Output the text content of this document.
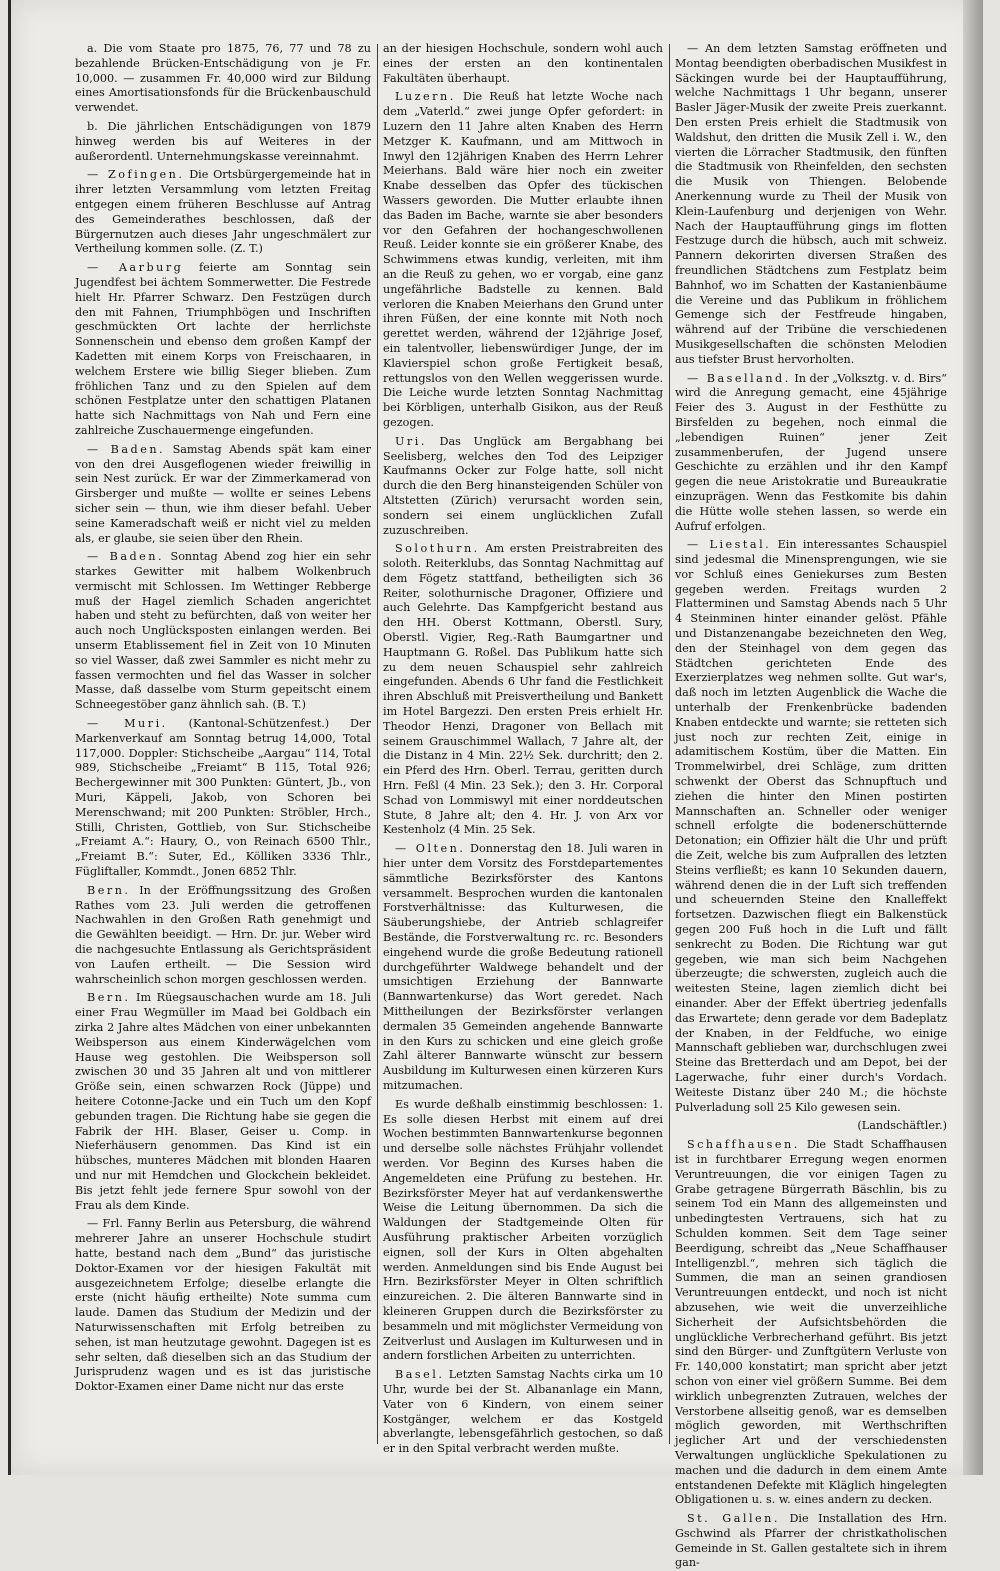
a. Die vom Staate pro 1875, 76, 77 und 78 zu bezahlende Brücken-Entschädigung von je Fr. 10,000. — zusammen Fr. 40,000 wird zur Bildung eines Amortisationsfonds für die Brückenbauschuld verwendet.

b. Die jährlichen Entschädigungen von 1879 hinweg werden bis auf Weiteres in der außerordentl. Unternehmungskasse vereinnahmt.

— Zofingen. Die Ortsbürgergemeinde hat in ihrer letzten Versammlung vom letzten Freitag entgegen einem früheren Beschlusse auf Antrag des Gemeinderathes beschlossen, daß der Bürgernutzen auch dieses Jahr ungeschmälert zur Vertheilung kommen solle. (Z. T.)

— Aarburg feierte am Sonntag sein Jugendfest bei ächtem Sommerwetter. Die Festrede hielt Hr. Pfarrer Schwarz. Den Festzügen durch den mit Fahnen, Triumphbögen und Inschriften geschmückten Ort lachte der herrlichste Sonnenschein und ebenso dem großen Kampf der Kadetten mit einem Korps von Freischaaren, in welchem Erstere wie billig Sieger blieben. Zum fröhlichen Tanz und zu den Spielen auf dem schönen Festplatze unter den schattigen Platanen hatte sich Nachmittags von Nah und Fern eine zahlreiche Zuschauermenge eingefunden.

— Baden. Samstag Abends spät kam einer von den drei Ausgeflogenen wieder freiwillig in sein Nest zurück. Er war der Zimmerkamerad von Girsberger und mußte — wollte er seines Lebens sicher sein — thun, wie ihm dieser befahl. Ueber seine Kameradschaft weiß er nicht viel zu melden als, er glaube, sie seien über den Rhein.

— Baden. Sonntag Abend zog hier ein sehr starkes Gewitter mit halbem Wolkenbruch vermischt mit Schlossen. Im Wettinger Rebberge muß der Hagel ziemlich Schaden angerichtet haben und steht zu befürchten, daß von weiter her auch noch Unglücksposten einlangen werden. Bei unserm Etablissement fiel in Zeit von 10 Minuten so viel Wasser, daß zwei Sammler es nicht mehr zu fassen vermochten und fiel das Wasser in solcher Masse, daß dasselbe vom Sturm gepeitscht einem Schneegestöber ganz ähnlich sah. (B. T.)

— Muri. (Kantonal-Schützenfest.) Der Markenverkauf am Sonntag betrug 14,000, Total 117,000. Doppler: Stichscheibe „Aargau“ 114, Total 989, Stichscheibe „Freiamt“ B 115, Total 926; Bechergewinner mit 300 Punkten: Güntert, Jb., von Muri, Käppeli, Jakob, von Schoren bei Merenschwand; mit 200 Punkten: Ströbler, Hrch., Stilli, Christen, Gottlieb, von Sur. Stichscheibe „Freiamt A.“: Haury, O., von Reinach 6500 Thlr., „Freiamt B.“: Suter, Ed., Kölliken 3336 Thlr., Fügliftaller, Kommdt., Jonen 6852 Thlr.

Bern. In der Eröffnungssitzung des Großen Rathes vom 23. Juli werden die getroffenen Nachwahlen in den Großen Rath genehmigt und die Gewählten beeidigt. — Hrn. Dr. jur. Weber wird die nachgesuchte Entlassung als Gerichtspräsident von Laufen ertheilt. — Die Session wird wahrscheinlich schon morgen geschlossen werden.

Bern. Im Rüegsauschachen wurde am 18. Juli einer Frau Wegmüller im Maad bei Goldbach ein zirka 2 Jahre altes Mädchen von einer unbekannten Weibsperson aus einem Kinderwägelchen vom Hause weg gestohlen. Die Weibsperson soll zwischen 30 und 35 Jahren alt und von mittlerer Größe sein, einen schwarzen Rock (Jüppe) und heitere Cotonne-Jacke und ein Tuch um den Kopf gebunden tragen. Die Richtung habe sie gegen die Fabrik der HH. Blaser, Geiser u. Comp. in Nieferhäusern genommen. Das Kind ist ein hübsches, munteres Mädchen mit blonden Haaren und nur mit Hemdchen und Glockchein bekleidet. Bis jetzt fehlt jede fernere Spur sowohl von der Frau als dem Kinde.

— Frl. Fanny Berlin aus Petersburg, die während mehrerer Jahre an unserer Hochschule studirt hatte, bestand nach dem „Bund“ das juristische Doktor-Examen vor der hiesigen Fakultät mit ausgezeichnetem Erfolge; dieselbe erlangte die erste (nicht häufig ertheilte) Note summa cum laude. Damen das Studium der Medizin und der Naturwissenschaften mit Erfolg betreiben zu sehen, ist man heutzutage gewohnt. Dagegen ist es sehr selten, daß dieselben sich an das Studium der Jurisprudenz wagen und es ist das juristische Doktor-Examen einer Dame nicht nur das erste

an der hiesigen Hochschule, sondern wohl auch eines der ersten an den kontinentalen Fakultäten überhaupt.

Luzern. Die Reuß hat letzte Woche nach dem „Vaterld.“ zwei junge Opfer gefordert: in Luzern den 11 Jahre alten Knaben des Herrn Metzger K. Kaufmann, und am Mittwoch in Inwyl den 12jährigen Knaben des Herrn Lehrer Meierhans. Bald wäre hier noch ein zweiter Knabe desselben das Opfer des tückischen Wassers geworden. Die Mutter erlaubte ihnen das Baden im Bache, warnte sie aber besonders vor den Gefahren der hochangeschwollenen Reuß. Leider konnte sie ein größerer Knabe, des Schwimmens etwas kundig, verleiten, mit ihm an die Reuß zu gehen, wo er vorgab, eine ganz ungefährliche Badstelle zu kennen. Bald verloren die Knaben Meierhans den Grund unter ihren Füßen, der eine konnte mit Noth noch gerettet werden, während der 12jährige Josef, ein talentvoller, liebenswürdiger Junge, der im Klavierspiel schon große Fertigkeit besaß, rettungslos von den Wellen weggerissen wurde. Die Leiche wurde letzten Sonntag Nachmittag bei Körbligen, unterhalb Gisikon, aus der Reuß gezogen.

Uri. Das Unglück am Bergabhang bei Seelisberg, welches den Tod des Leipziger Kaufmanns Ocker zur Folge hatte, soll nicht durch die den Berg hinansteigenden Schüler von Altstetten (Zürich) verursacht worden sein, sondern sei einem unglücklichen Zufall zuzuschreiben.

Solothurn. Am ersten Preistrabreiten des soloth. Reiterklubs, das Sonntag Nachmittag auf dem Fögetz stattfand, betheiligten sich 36 Reiter, solothurnische Dragoner, Offiziere und auch Gelehrte. Das Kampfgericht bestand aus den HH. Oberst Kottmann, Oberstl. Sury, Oberstl. Vigier, Reg.-Rath Baumgartner und Hauptmann G. Roßel. Das Publikum hatte sich zu dem neuen Schauspiel sehr zahlreich eingefunden. Abends 6 Uhr fand die Festlichkeit ihren Abschluß mit Preisvertheilung und Bankett im Hotel Bargezzi. Den ersten Preis erhielt Hr. Theodor Henzi, Dragoner von Bellach mit seinem Grauschimmel Wallach, 7 Jahre alt, der die Distanz in 4 Min. 22½ Sek. durchritt; den 2. ein Pferd des Hrn. Oberl. Terrau, geritten durch Hrn. Feßl (4 Min. 23 Sek.); den 3. Hr. Corporal Schad von Lommiswyl mit einer norddeutschen Stute, 8 Jahre alt; den 4. Hr. J. von Arx vor Kestenholz (4 Min. 25 Sek.

— Olten. Donnerstag den 18. Juli waren in hier unter dem Vorsitz des Forstdepartementes sämmtliche Bezirksförster des Kantons versammelt. Besprochen wurden die kantonalen Forstverhältnisse: das Kulturwesen, die Säuberungshiebe, der Antrieb schlagreifer Bestände, die Forstverwaltung rc. rc. Besonders eingehend wurde die große Bedeutung rationell durchgeführter Waldwege behandelt und der umsichtigen Erziehung der Bannwarte (Bannwartenkurse) das Wort geredet. Nach Mittheilungen der Bezirksförster verlangen dermalen 35 Gemeinden angehende Bannwarte in den Kurs zu schicken und eine gleich große Zahl älterer Bannwarte wünscht zur bessern Ausbildung im Kulturwesen einen kürzeren Kurs mitzumachen.

Es wurde deßhalb einstimmig beschlossen: 1. Es solle diesen Herbst mit einem auf drei Wochen bestimmten Bannwartenkurse begonnen und derselbe solle nächstes Frühjahr vollendet werden. Vor Beginn des Kurses haben die Angemeldeten eine Prüfung zu bestehen. Hr. Bezirksförster Meyer hat auf verdankenswerthe Weise die Leitung übernommen. Da sich die Waldungen der Stadtgemeinde Olten für Ausführung praktischer Arbeiten vorzüglich eignen, soll der Kurs in Olten abgehalten werden. Anmeldungen sind bis Ende August bei Hrn. Bezirksförster Meyer in Olten schriftlich einzureichen. 2. Die älteren Bannwarte sind in kleineren Gruppen durch die Bezirksförster zu besammeln und mit möglichster Vermeidung von Zeitverlust und Auslagen im Kulturwesen und in andern forstlichen Arbeiten zu unterrichten.

Basel. Letzten Samstag Nachts cirka um 10 Uhr, wurde bei der St. Albananlage ein Mann, Vater von 6 Kindern, von einem seiner Kostgänger, welchem er das Kostgeld abverlangte, lebensgefährlich gestochen, so daß er in den Spital verbracht werden mußte.

— An dem letzten Samstag eröffneten und Montag beendigten oberbadischen Musikfest in Säckingen wurde bei der Hauptaufführung, welche Nachmittags 1 Uhr begann, unserer Basler Jäger-Musik der zweite Preis zuerkannt. Den ersten Preis erhielt die Stadtmusik von Waldshut, den dritten die Musik Zell i. W., den vierten die Lörracher Stadtmusik, den fünften die Stadtmusik von Rheinfelden, den sechsten die Musik von Thiengen. Belobende Anerkennung wurde zu Theil der Musik von Klein-Laufenburg und derjenigen von Wehr. Nach der Hauptaufführung gings im flotten Festzuge durch die hübsch, auch mit schweiz. Pannern dekorirten diversen Straßen des freundlichen Städtchens zum Festplatz beim Bahnhof, wo im Schatten der Kastanienbäume die Vereine und das Publikum in fröhlichem Gemenge sich der Festfreude hingaben, während auf der Tribüne die verschiedenen Musikgesellschaften die schönsten Melodien aus tiefster Brust hervorholten.

— Baselland. In der „Volksztg. v. d. Birs“ wird die Anregung gemacht, eine 45jährige Feier des 3. August in der Festhütte zu Birsfelden zu begehen, noch einmal die „lebendigen Ruinen“ jener Zeit zusammenberufen, der Jugend unsere Geschichte zu erzählen und ihr den Kampf gegen die neue Aristokratie und Bureaukratie einzuprägen. Wenn das Festkomite bis dahin die Hütte wolle stehen lassen, so werde ein Aufruf erfolgen.

— Liestal. Ein interessantes Schauspiel sind jedesmal die Minensprengungen, wie sie vor Schluß eines Geniekurses zum Besten gegeben werden. Freitags wurden 2 Flatterminen und Samstag Abends nach 5 Uhr 4 Steinminen hinter einander gelöst. Pfähle und Distanzenangabe bezeichneten den Weg, den der Steinhagel von dem gegen das Städtchen gerichteten Ende des Exerzierplatzes weg nehmen sollte. Gut war's, daß noch im letzten Augenblick die Wache die unterhalb der Frenkenbrücke badenden Knaben entdeckte und warnte; sie retteten sich just noch zur rechten Zeit, einige in adamitischem Kostüm, über die Matten. Ein Trommelwirbel, drei Schläge, zum dritten schwenkt der Oberst das Schnupftuch und ziehen die hinter den Minen postirten Mannschaften an. Schneller oder weniger schnell erfolgte die bodenerschütternde Detonation; ein Offizier hält die Uhr und prüft die Zeit, welche bis zum Aufprallen des letzten Steins verfließt; es kann 10 Sekunden dauern, während denen die in der Luft sich treffenden und scheuernden Steine den Knalleffekt fortsetzen. Dazwischen fliegt ein Balkenstück gegen 200 Fuß hoch in die Luft und fällt senkrecht zu Boden. Die Richtung war gut gegeben, wie man sich beim Nachgehen überzeugte; die schwersten, zugleich auch die weitesten Steine, lagen ziemlich dicht bei einander. Aber der Effekt übertrieg jedenfalls das Erwartete; denn gerade vor dem Badeplatz der Knaben, in der Feldfuche, wo einige Mannschaft geblieben war, durchschlugen zwei Steine das Bretterdach und am Depot, bei der Lagerwache, fuhr einer durch's Vordach. Weiteste Distanz über 240 M.; die höchste Pulverladung soll 25 Kilo gewesen sein.

(Landschäftler.)

Schaffhausen. Die Stadt Schaffhausen ist in furchtbarer Erregung wegen enormen Veruntreuungen, die vor einigen Tagen zu Grabe getragene Bürgerrath Bäschlin, bis zu seinem Tod ein Mann des allgemeinsten und unbedingtesten Vertrauens, sich hat zu Schulden kommen. Seit dem Tage seiner Beerdigung, schreibt das „Neue Schaffhauser Intelligenzbl.“, mehren sich täglich die Summen, die man an seinen grandiosen Veruntreuungen entdeckt, und noch ist nicht abzusehen, wie weit die unverzeihliche Sicherheit der Aufsichtsbehörden die unglückliche Verbrecherhand geführt. Bis jetzt sind den Bürger- und Zunftgütern Verluste von Fr. 140,000 konstatirt; man spricht aber jetzt schon von einer viel größern Summe. Bei dem wirklich unbegrenzten Zutrauen, welches der Verstorbene allseitig genoß, war es demselben möglich geworden, mit Werthschriften jeglicher Art und der verschiedensten Verwaltungen unglückliche Spekulationen zu machen und die dadurch in dem einem Amte entstandenen Defekte mit Kläglich hingelegten Obligationen u. s. w. eines andern zu decken.

St. Gallen. Die Installation des Hrn. Gschwind als Pfarrer der christkatholischen Gemeinde in St. Gallen gestaltete sich in ihrem gan-
